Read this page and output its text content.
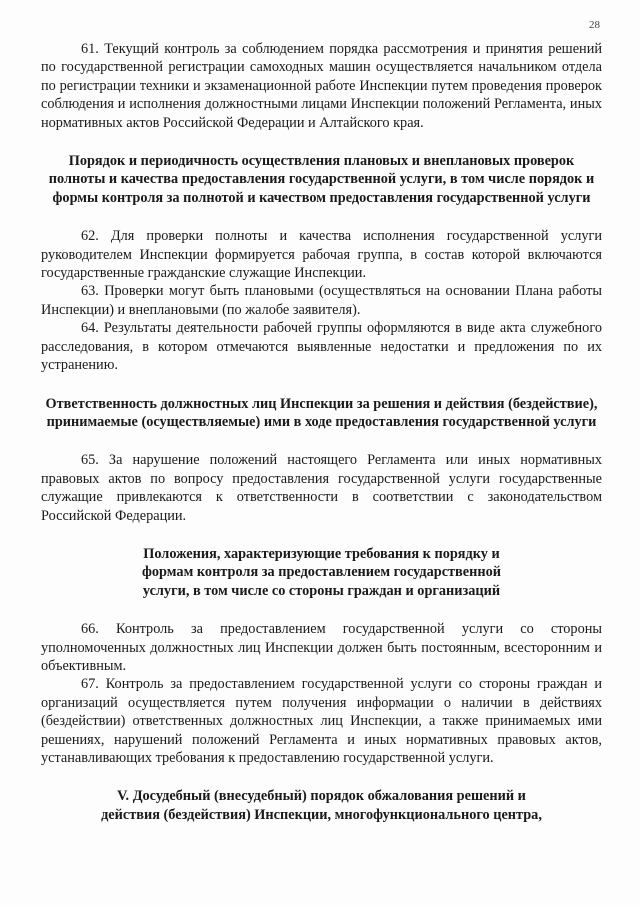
28

61. Текущий контроль за соблюдением порядка рассмотрения и принятия решений по государственной регистрации самоходных машин осуществляется начальником отдела по регистрации техники и экзаменационной работе Инспекции путем проведения проверок соблюдения и исполнения должностными лицами Инспекции положений Регламента, иных нормативных актов Российской Федерации и Алтайского края.

Порядок и периодичность осуществления плановых и внеплановых проверок полноты и качества предоставления государственной услуги, в том числе порядок и формы контроля за полнотой и качеством предоставления государственной услуги

62. Для проверки полноты и качества исполнения государственной услуги руководителем Инспекции формируется рабочая группа, в состав которой включаются государственные гражданские служащие Инспекции.

63. Проверки могут быть плановыми (осуществляться на основании Плана работы Инспекции) и внеплановыми (по жалобе заявителя).

64. Результаты деятельности рабочей группы оформляются в виде акта служебного расследования, в котором отмечаются выявленные недостатки и предложения по их устранению.

Ответственность должностных лиц Инспекции за решения и действия (бездействие), принимаемые (осуществляемые) ими в ходе предоставления государственной услуги

65. За нарушение положений настоящего Регламента или иных нормативных правовых актов по вопросу предоставления государственной услуги государственные служащие привлекаются к ответственности в соответствии с законодательством Российской Федерации.

Положения, характеризующие требования к порядку и формам контроля за предоставлением государственной услуги, в том числе со стороны граждан и организаций

66. Контроль за предоставлением государственной услуги со стороны уполномоченных должностных лиц Инспекции должен быть постоянным, всесторонним и объективным.

67. Контроль за предоставлением государственной услуги со стороны граждан и организаций осуществляется путем получения информации о наличии в действиях (бездействии) ответственных должностных лиц Инспекции, а также принимаемых ими решениях, нарушений положений Регламента и иных нормативных правовых актов, устанавливающих требования к предоставлению государственной услуги.

V. Досудебный (внесудебный) порядок обжалования решений и действия (бездействия) Инспекции, многофункционального центра,
